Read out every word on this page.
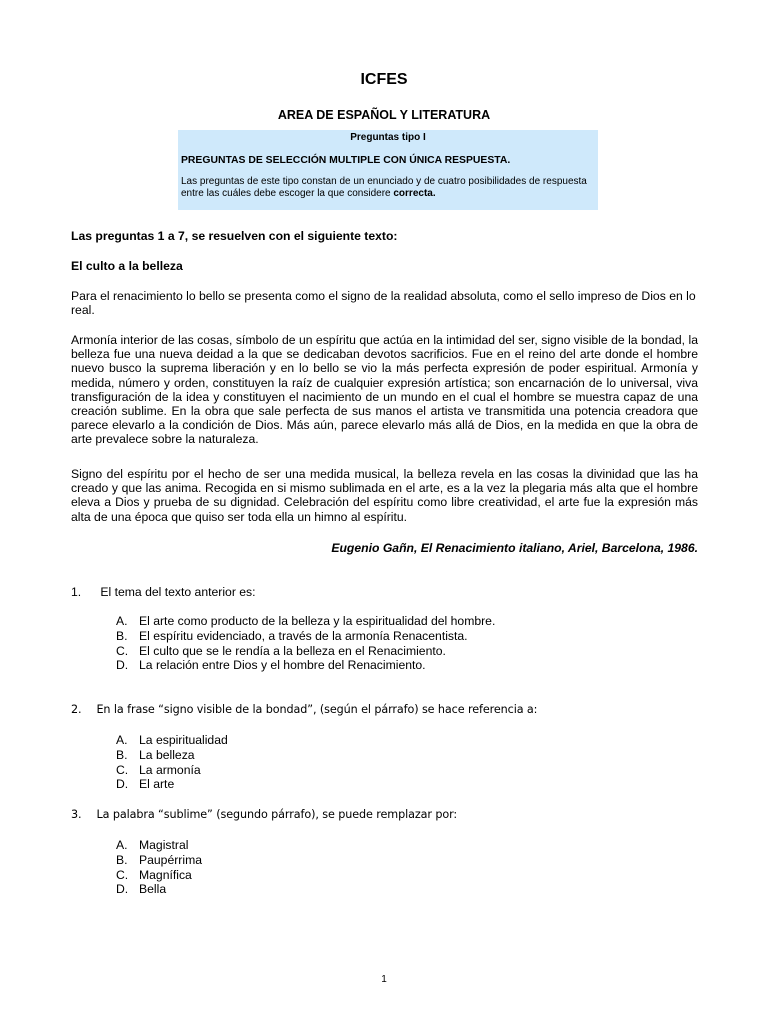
ICFES
AREA DE ESPAÑOL Y LITERATURA
Preguntas tipo I
PREGUNTAS DE SELECCIÓN MULTIPLE CON ÚNICA RESPUESTA.
Las preguntas de este tipo constan de un enunciado y de cuatro posibilidades de respuesta entre las cuáles debe escoger la que considere correcta.
Las preguntas 1 a 7, se resuelven con el siguiente texto:
El culto a la belleza
Para el renacimiento lo bello se presenta como el signo de la realidad absoluta, como el sello impreso de Dios en lo real.
Armonía interior de las cosas, símbolo de un espíritu que actúa en la intimidad del ser, signo visible de la bondad, la belleza fue una nueva deidad a la que se dedicaban devotos sacrificios. Fue en el reino del arte donde el hombre nuevo busco la suprema liberación y en lo bello se vio la más perfecta expresión de poder espiritual. Armonía y medida, número y orden, constituyen la raíz de cualquier expresión artística; son encarnación de lo universal, viva transfiguración de la idea y constituyen el nacimiento de un mundo en el cual el hombre se muestra capaz de una creación sublime. En la obra que sale perfecta de sus manos el artista ve transmitida una potencia creadora que parece elevarlo a la condición de Dios. Más aún, parece elevarlo más allá de Dios, en la medida en que la obra de arte prevalece sobre la naturaleza.
Signo del espíritu por el hecho de ser una medida musical, la belleza revela en las cosas la divinidad que las ha creado y que las anima. Recogida en si mismo sublimada en el arte, es a la vez la plegaria más alta que el hombre eleva a Dios y prueba de su dignidad. Celebración del espíritu como libre creatividad, el arte fue la expresión más alta de una época que quiso ser toda ella un himno al espíritu.
Eugenio Gañn, El Renacimiento italiano, Ariel, Barcelona, 1986.
1. El tema del texto anterior es:
A. El arte como producto de la belleza y la espiritualidad del hombre.
B. El espíritu evidenciado, a través de la armonía Renacentista.
C. El culto que se le rendía a la belleza en el Renacimiento.
D. La relación entre Dios y el hombre del Renacimiento.
2. En la frase “signo visible de la bondad”, (según el párrafo) se hace referencia a:
A. La espiritualidad
B. La belleza
C. La armonía
D. El arte
3. La palabra “sublime” (segundo párrafo), se puede remplazar por:
A. Magistral
B. Paupérrima
C. Magnífica
D. Bella
1
